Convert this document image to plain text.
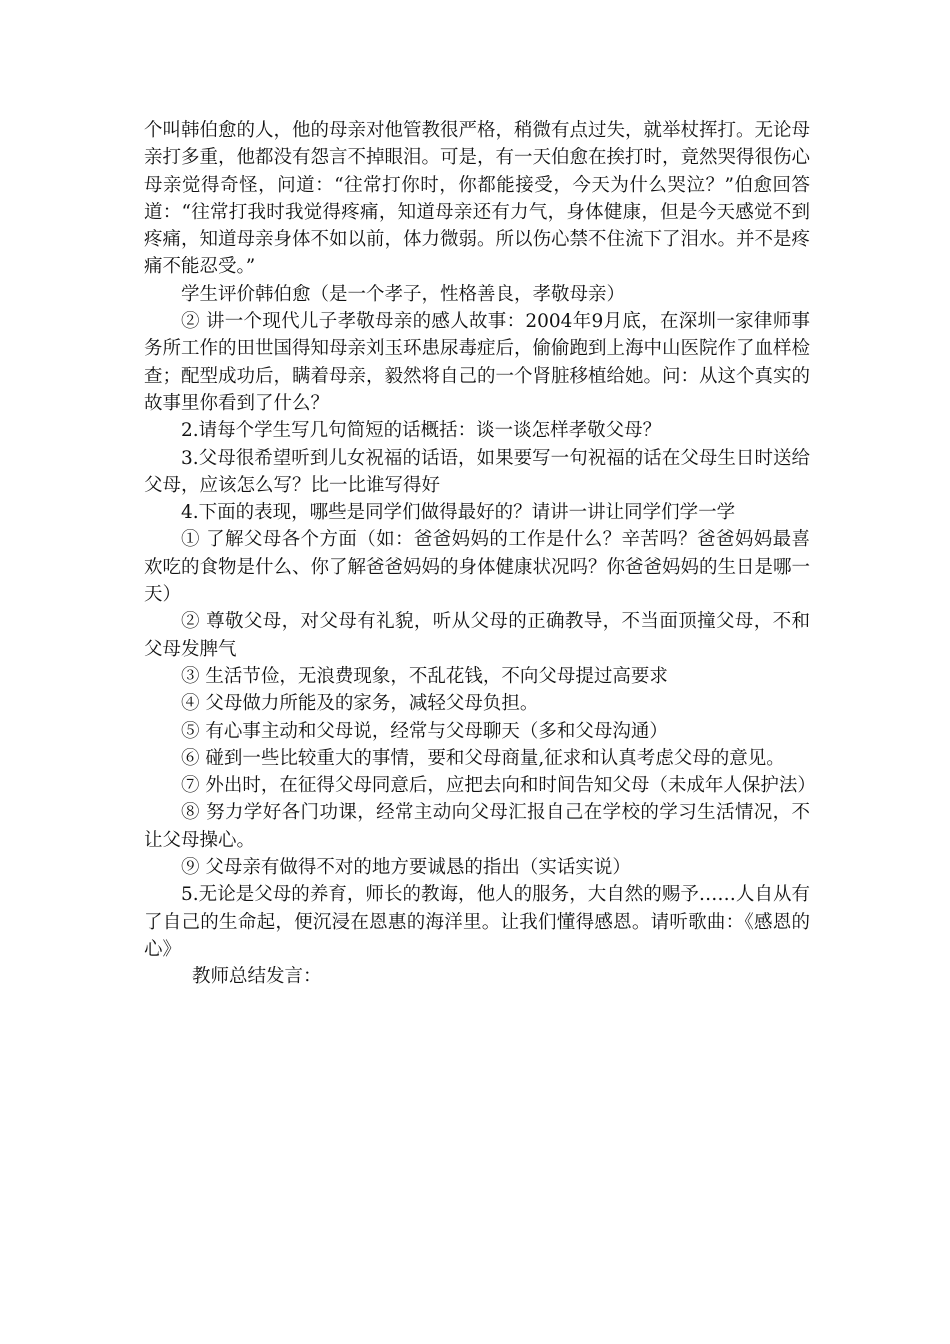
个叫韩伯愈的人，他的母亲对他管教很严格，稍微有点过失，就举杖挥打。无论母亲打多重，他都没有怨言不掉眼泪。可是，有一天伯愈在挨打时，竟然哭得很伤心母亲觉得奇怪，问道：“往常打你时，你都能接受，今天为什么哭泣？”伯愈回答道：“往常打我时我觉得疼痛，知道母亲还有力气，身体健康，但是今天感觉不到疼痛，知道母亲身体不如以前，体力微弱。所以伤心禁不住流下了泪水。并不是疼痛不能忍受。”

学生评价韩伯愈（是一个孝子，性格善良，孝敬母亲）

② 讲一个现代儿子孝敬母亲的感人故事：2004年9月底，在深圳一家律师事务所工作的田世国得知母亲刘玉环患尿毒症后，偷偷跑到上海中山医院作了血样检查；配型成功后，瞒着母亲，毅然将自己的一个肾脏移植给她。问：从这个真实的故事里你看到了什么？

2.请每个学生写几句简短的话概括：谈一谈怎样孝敬父母？

3.父母很希望听到儿女祝福的话语，如果要写一句祝福的话在父母生日时送给父母，应该怎么写？比一比谁写得好

4.下面的表现，哪些是同学们做得最好的？请讲一讲让同学们学一学

① 了解父母各个方面（如：爸爸妈妈的工作是什么？辛苦吗？爸爸妈妈最喜欢吃的食物是什么、你了解爸爸妈妈的身体健康状况吗？你爸爸妈妈的生日是哪一天）

② 尊敬父母，对父母有礼貌，听从父母的正确教导，不当面顶撞父母，不和父母发脾气

③ 生活节俭，无浪费现象，不乱花钱，不向父母提过高要求

④ 父母做力所能及的家务，减轻父母负担。

⑤ 有心事主动和父母说，经常与父母聊天（多和父母沟通）

⑥ 碰到一些比较重大的事情，要和父母商量,征求和认真考虑父母的意见。

⑦ 外出时，在征得父母同意后，应把去向和时间告知父母（未成年人保护法）

⑧ 努力学好各门功课，经常主动向父母汇报自己在学校的学习生活情况，不让父母操心。

⑨ 父母亲有做得不对的地方要诚恳的指出（实话实说）

5.无论是父母的养育，师长的教诲，他人的服务，大自然的赐予……人自从有了自己的生命起，便沉浸在恩惠的海洋里。让我们懂得感恩。请听歌曲：《感恩的心》

教师总结发言：
